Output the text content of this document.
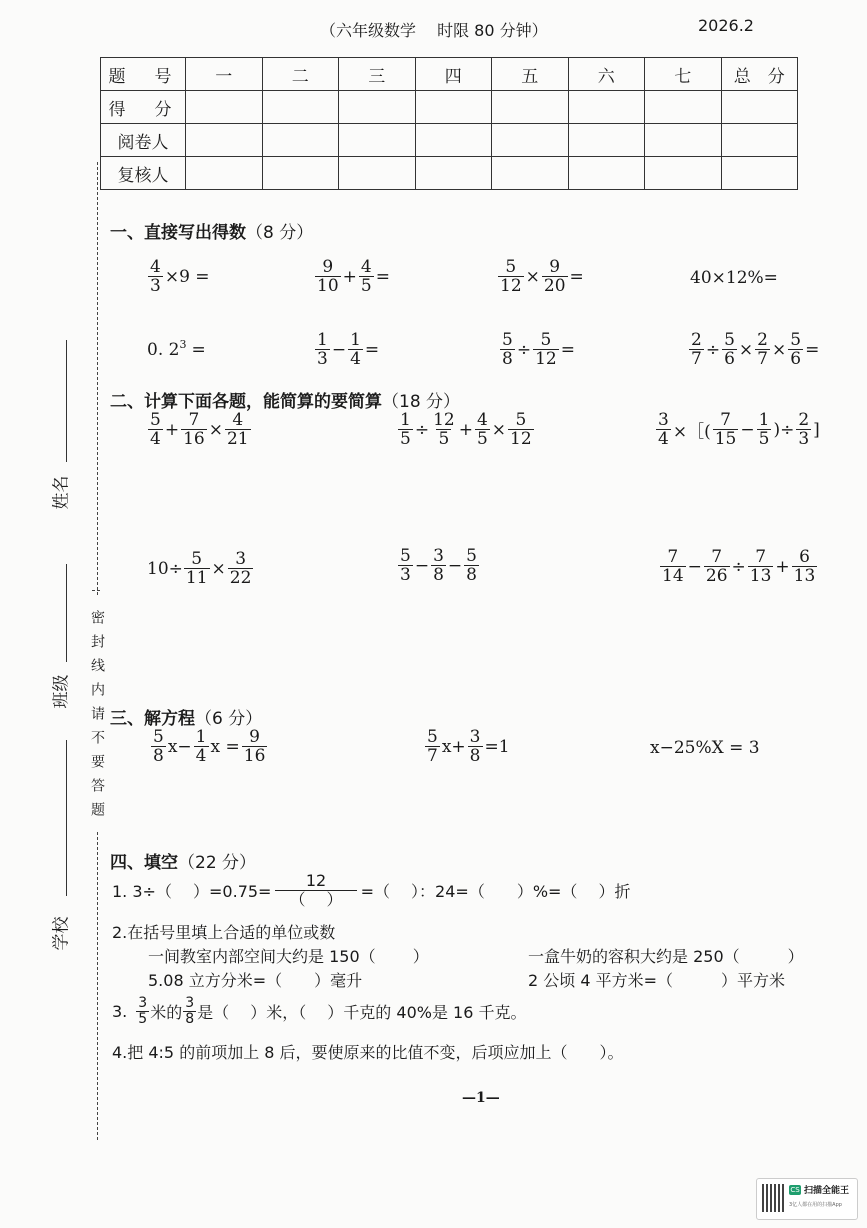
（六年级数学　 时限 80 分钟）	2026.2
题　号	一	二	三	四	五	六	七	总　分
得　分								
阅卷人								
复核人								
密封线内请不要答题
姓名
班级
学校
一、直接写出得数（8 分）
$\frac{4}{3} \times 9$ =	$\frac{9}{10} + \frac{4}{5}$ =	$\frac{5}{12} \times \frac{9}{20}$ =	40×12%=
0. $2^3$ =	$\frac{1}{3} - \frac{1}{4}$ =	$\frac{5}{8} \div \frac{5}{12}$ =	$\frac{2}{7} \div \frac{5}{6} \times \frac{2}{7} \times \frac{5}{6}$ =
二、计算下面各题，能简算的要简算（18 分）
$\frac{5}{4} + \frac{7}{16} \times \frac{4}{21}$	$\frac{1}{5} \div \frac{12}{5} + \frac{4}{5} \times \frac{5}{12}$	$\frac{3}{4}$ ×［( $\frac{7}{15} - \frac{1}{5}$ )÷ $\frac{2}{3}$ ]
$10\div \frac{5}{11} \times \frac{3}{22}$	$\frac{5}{3} - \frac{3}{8} - \frac{5}{8}$	$\frac{7}{14} - \frac{7}{26} \div \frac{7}{13} + \frac{6}{13}$
三、解方程（6 分）
$\frac{5}{8} x- \frac{1}{4}$ $x = \frac{9}{16}$	$\frac{5}{7} x+ \frac{3}{8} =1$	x−25%X = 3
四、填空（22 分）
1. 3÷（　 ）$=0.75= \frac{12}{( )}$ =（　 ）：24=（　　）%=（　 ）折
2.在括号里填上合适的单位或数
一间教室内部空间大约是 150（　　 ）	一盒牛奶的容积大约是 250（　　　）
5.08 立方分米=（　　）毫升	2 公顷 4 平方米=（　　　）平方米
3. $\frac{3}{5}$ 米的 $\frac{3}{8}$ 是（　 ）米，（　 ）千克的 40%是 16 千克。
4.把 4:5 的前项加上 8 后，要使原来的比值不变，后项应加上（　　）。
—1—
CS 扫描全能王
3亿人都在用的扫描App
